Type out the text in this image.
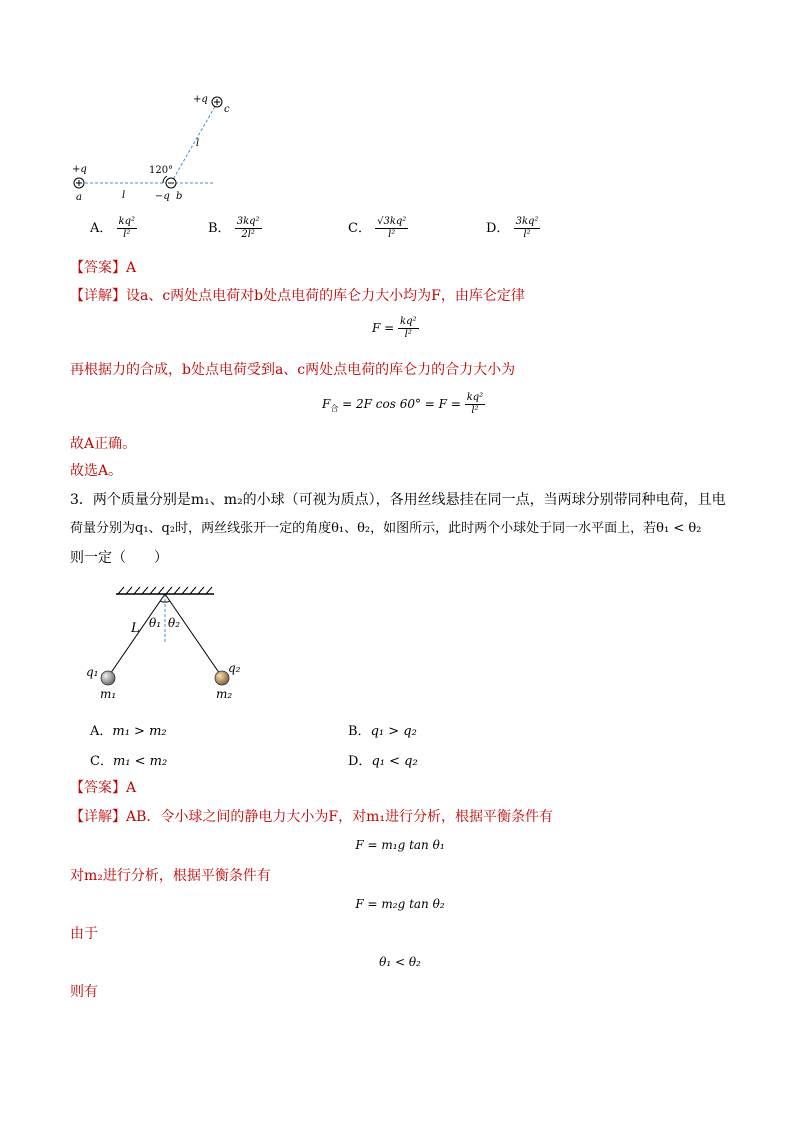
+q
c
l
120°
+q
a	l	−q b
A． $\frac{\text{kq²}}{\text{l²}}$	B． $\frac{\text{3kq²}}{\text{2l²}}$	C． $\frac{\text{√3kq²}}{\text{l²}}$	D． $\frac{\text{3kq²}}{\text{l²}}$
【答案】A
【详解】设a、c两处点电荷对b处点电荷的库仑力大小均为F，由库仑定律
$F = \frac{\text{kq²}}{\text{l²}}$
再根据力的合成，b处点电荷受到a、c两处点电荷的库仑力的合力大小为
$F_合 = 2F$ $\cos 60^\circ = F = \frac{\text{kq²}}{\text{l²}}$
故A正确。
故选A。
3．两个质量分别是m₁、m₂的小球（可视为质点），各用丝线悬挂在同一点，当两球分别带同种电荷，且电
荷量分别为q₁、q₂时，两丝线张开一定的角度θ₁、θ₂，如图所示，此时两个小球处于同一水平面上，若θ₁ < θ₂
则一定（　　）
L θ₁ θ₂
q₁
m₁
q₂
m₂
A．m₁ > m₂	B．q₁ > q₂
C．m₁ < m₂	D．q₁ < q₂
【答案】A
【详解】AB．令小球之间的静电力大小为F，对m₁进行分析，根据平衡条件有
F = m₁g tan θ₁
对m₂进行分析，根据平衡条件有
F = m₂g tan θ₂
由于
θ₁ < θ₂
则有
